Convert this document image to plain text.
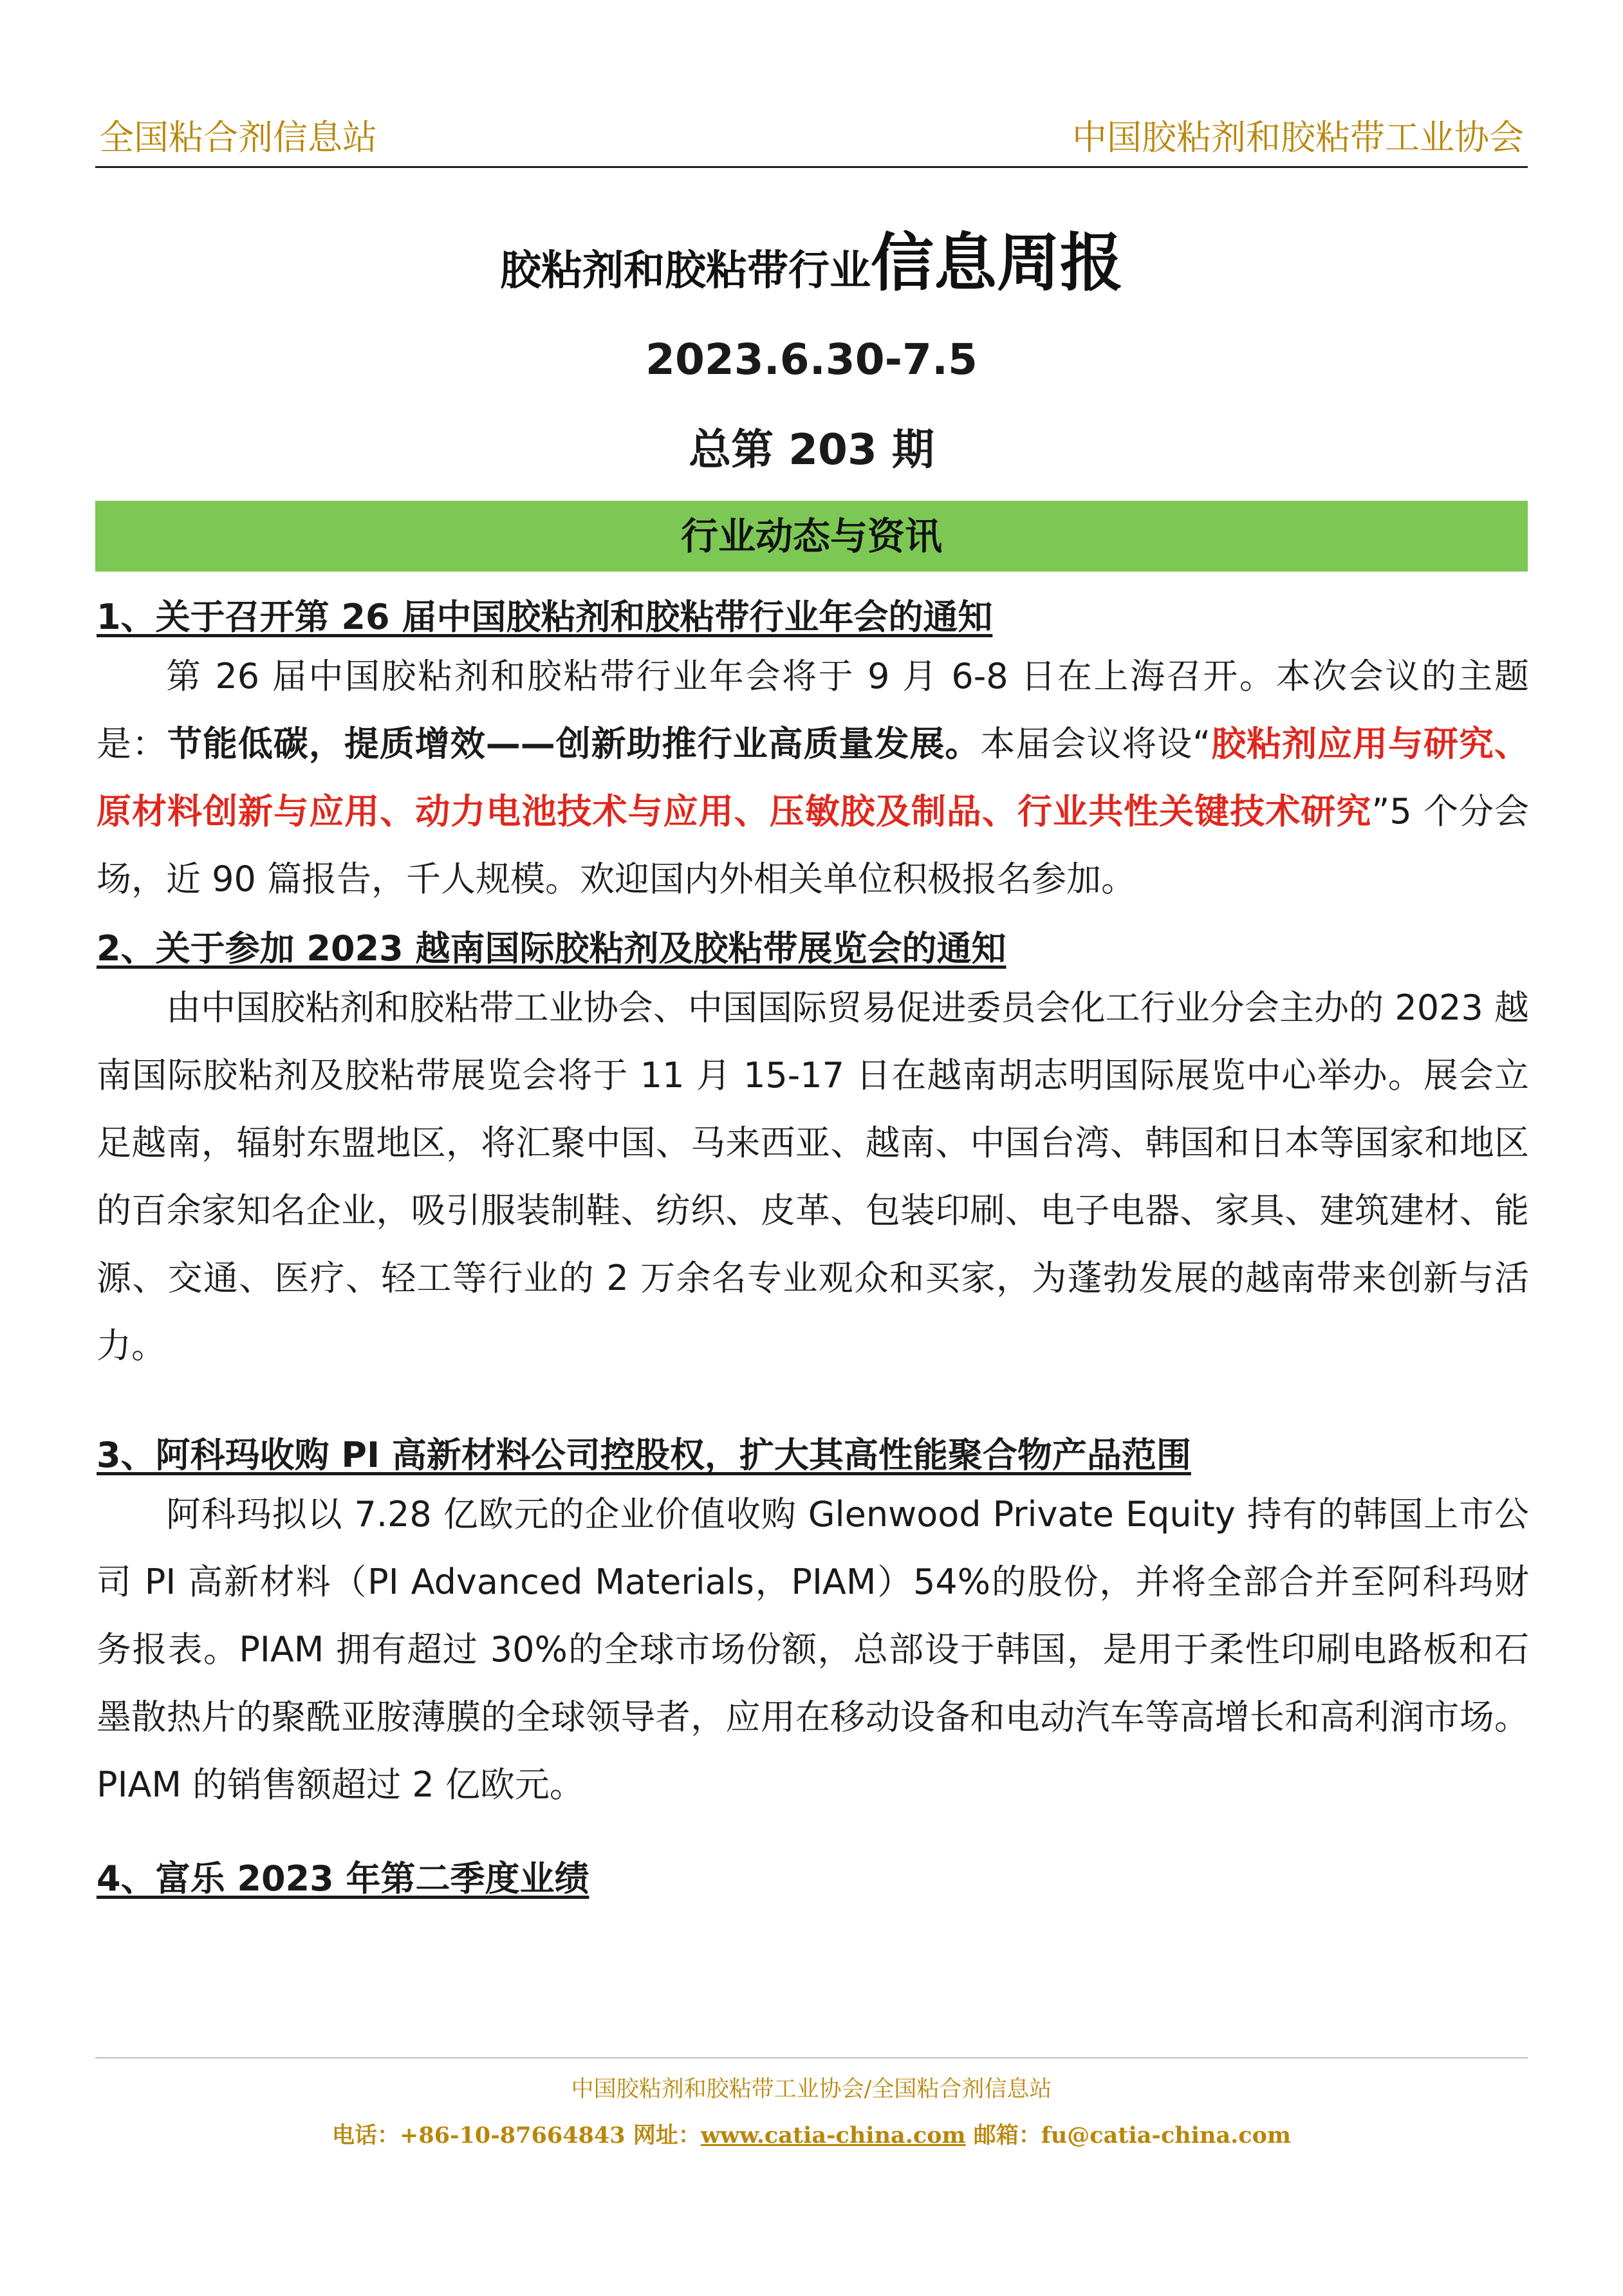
全国粘合剂信息站	中国胶粘剂和胶粘带工业协会
胶粘剂和胶粘带行业信息周报
2023.6.30-7.5
总第 203 期
行业动态与资讯
1、关于召开第 26 届中国胶粘剂和胶粘带行业年会的通知

第 26 届中国胶粘剂和胶粘带行业年会将于 9 月 6-8 日在上海召开。本次会议的主题是：节能低碳，提质增效——创新助推行业高质量发展。本届会议将设“胶粘剂应用与研究、原材料创新与应用、动力电池技术与应用、压敏胶及制品、行业共性关键技术研究”5 个分会场，近 90 篇报告，千人规模。欢迎国内外相关单位积极报名参加。

2、关于参加 2023 越南国际胶粘剂及胶粘带展览会的通知

由中国胶粘剂和胶粘带工业协会、中国国际贸易促进委员会化工行业分会主办的 2023 越南国际胶粘剂及胶粘带展览会将于 11 月 15-17 日在越南胡志明国际展览中心举办。展会立足越南，辐射东盟地区，将汇聚中国、马来西亚、越南、中国台湾、韩国和日本等国家和地区的百余家知名企业，吸引服装制鞋、纺织、皮革、包装印刷、电子电器、家具、建筑建材、能源、交通、医疗、轻工等行业的 2 万余名专业观众和买家，为蓬勃发展的越南带来创新与活力。

3、阿科玛收购 PI 高新材料公司控股权，扩大其高性能聚合物产品范围

阿科玛拟以 7.28 亿欧元的企业价值收购 Glenwood Private Equity 持有的韩国上市公司 PI 高新材料（PI Advanced Materials，PIAM）54%的股份，并将全部合并至阿科玛财务报表。PIAM 拥有超过 30%的全球市场份额，总部设于韩国，是用于柔性印刷电路板和石墨散热片的聚酰亚胺薄膜的全球领导者，应用在移动设备和电动汽车等高增长和高利润市场。PIAM 的销售额超过 2 亿欧元。

4、富乐 2023 年第二季度业绩
中国胶粘剂和胶粘带工业协会/全国粘合剂信息站
电话：+86-10-87664843 网址：www.catia-china.com 邮箱：fu@catia-china.com
